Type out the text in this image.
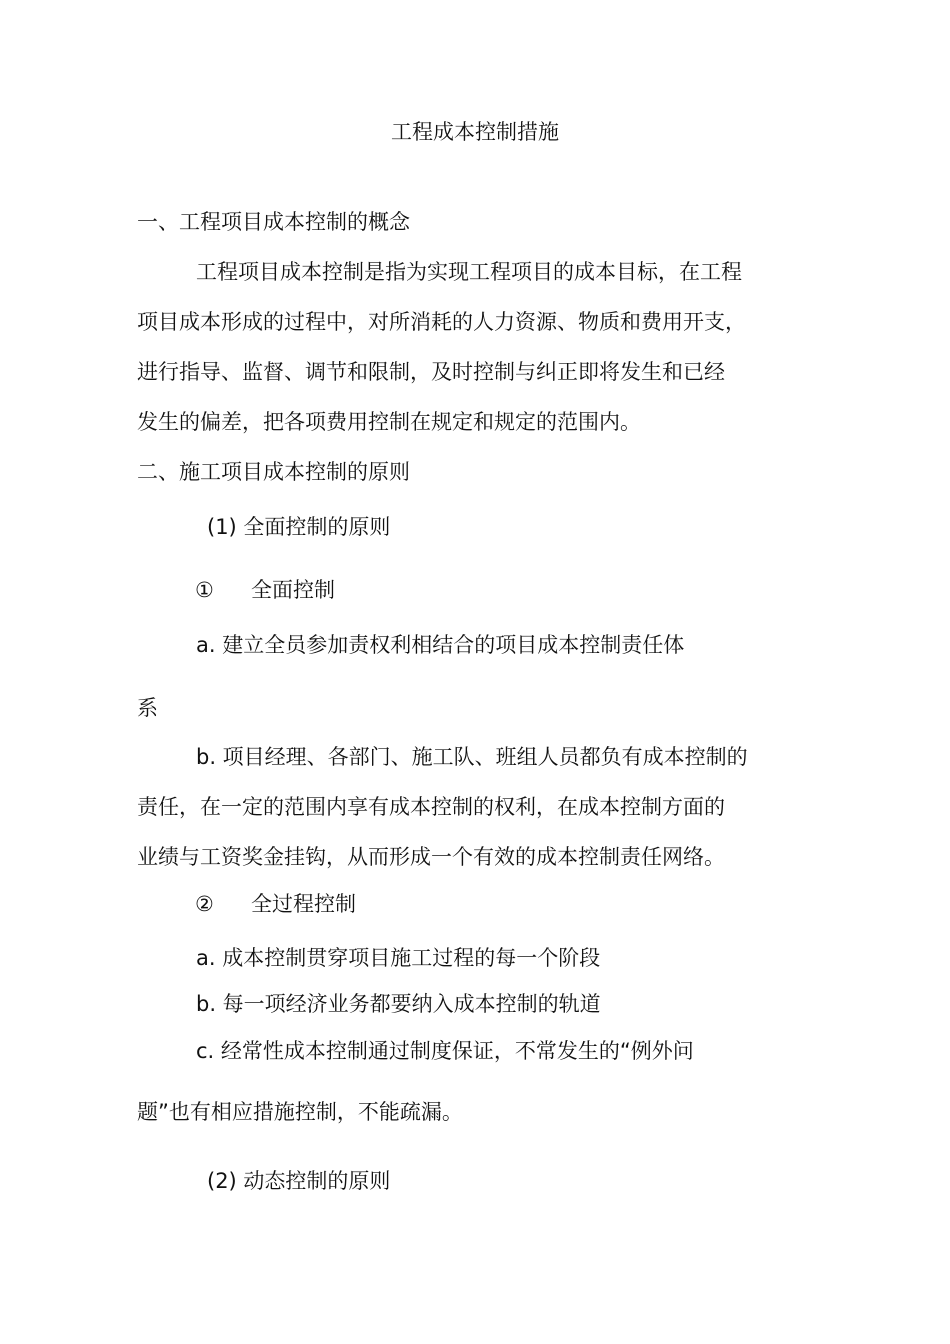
工程成本控制措施

一、工程项目成本控制的概念

工程项目成本控制是指为实现工程项目的成本目标，在工程

项目成本形成的过程中，对所消耗的人力资源、物质和费用开支，

进行指导、监督、调节和限制，及时控制与纠正即将发生和已经

发生的偏差，把各项费用控制在规定和规定的范围内。

二、施工项目成本控制的原则

(1) 全面控制的原则

① 全面控制

a. 建立全员参加责权利相结合的项目成本控制责任体

系

b. 项目经理、各部门、施工队、班组人员都负有成本控制的

责任，在一定的范围内享有成本控制的权利，在成本控制方面的

业绩与工资奖金挂钩，从而形成一个有效的成本控制责任网络。

② 全过程控制

a. 成本控制贯穿项目施工过程的每一个阶段

b. 每一项经济业务都要纳入成本控制的轨道

c. 经常性成本控制通过制度保证，不常发生的“例外问

题”也有相应措施控制，不能疏漏。

(2) 动态控制的原则
